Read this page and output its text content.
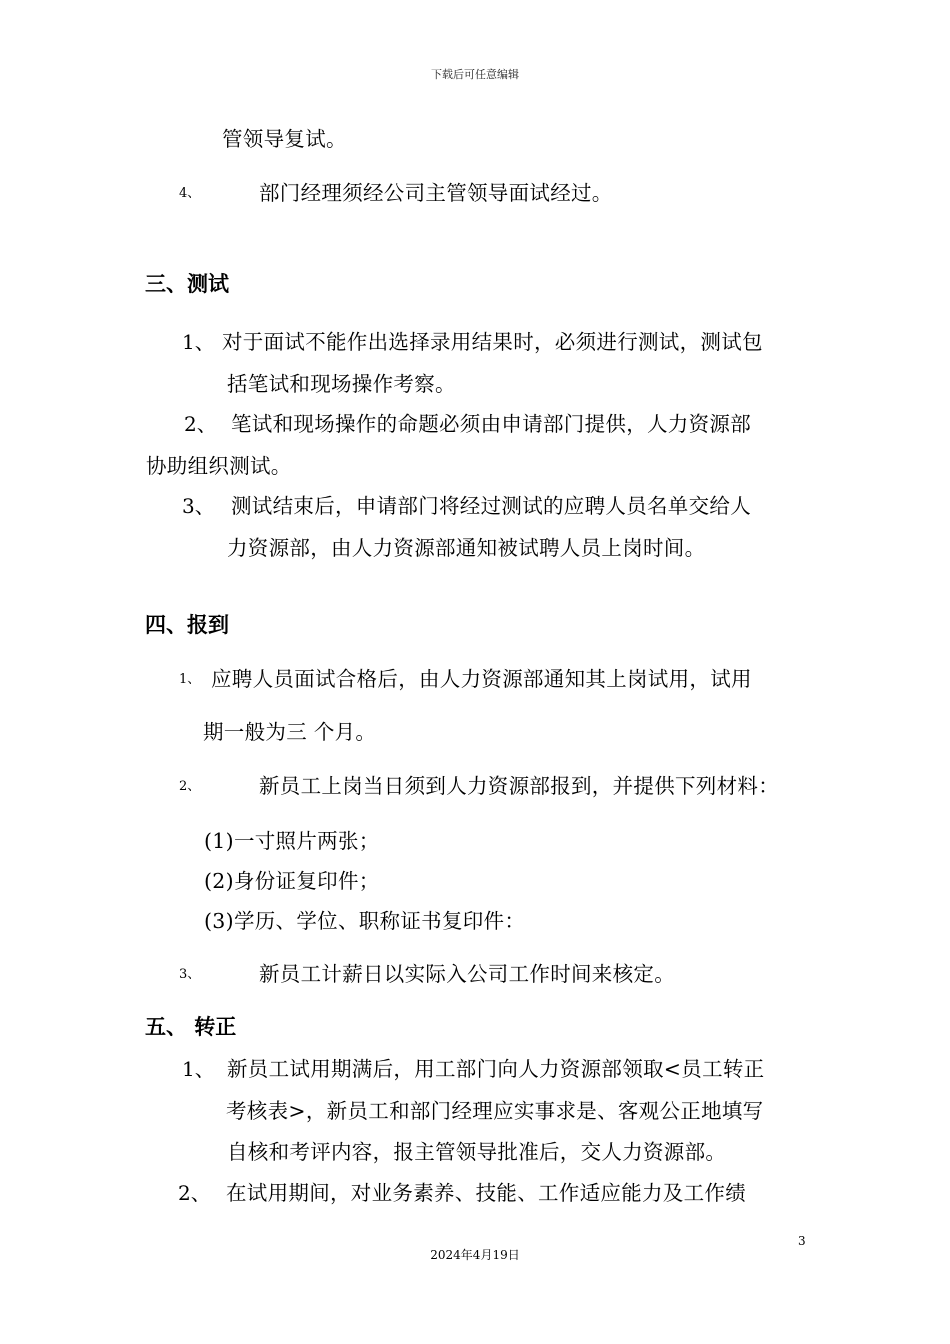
下载后可任意编辑
管领导复试。
4、	部门经理须经公司主管领导面试经过。
三、测试
1、 对于面试不能作出选择录用结果时，必须进行测试，测试包
括笔试和现场操作考察。
2、 笔试和现场操作的命题必须由申请部门提供，人力资源部
协助组织测试。
3、 测试结束后，申请部门将经过测试的应聘人员名单交给人
力资源部，由人力资源部通知被试聘人员上岗时间。
四、报到
1、 应聘人员面试合格后，由人力资源部通知其上岗试用，试用
期一般为三 个月。
2、	新员工上岗当日须到人力资源部报到，并提供下列材料：
(1)一寸照片两张；
(2)身份证复印件；
(3)学历、学位、职称证书复印件：
3、	新员工计薪日以实际入公司工作时间来核定。
五、 转正
1、 新员工试用期满后，用工部门向人力资源部领取<员工转正
考核表>，新员工和部门经理应实事求是、客观公正地填写
自核和考评内容，报主管领导批准后，交人力资源部。
2、 在试用期间，对业务素养、技能、工作适应能力及工作绩
3
2024年4月19日
